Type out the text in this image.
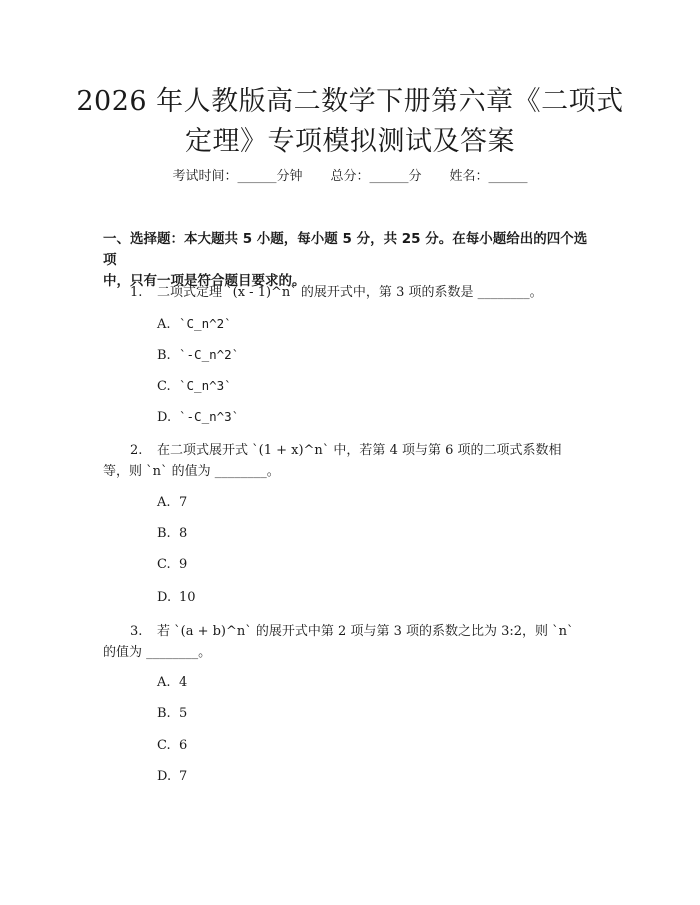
2026 年人教版高二数学下册第六章《二项式
定理》专项模拟测试及答案
考试时间：______分钟 总分：______分 姓名：______
一、选择题：本大题共 5 小题，每小题 5 分，共 25 分。在每小题给出的四个选项
中，只有一项是符合题目要求的。
1. 二项式定理 `(x - 1)^n` 的展开式中，第 3 项的系数是 ________。
A. `C_n^2`
B. `-C_n^2`
C. `C_n^3`
D. `-C_n^3`
2. 在二项式展开式 `(1 + x)^n` 中，若第 4 项与第 6 项的二项式系数相
等，则 `n` 的值为 ________。
A. 7
B. 8
C. 9
D. 10
3. 若 `(a + b)^n` 的展开式中第 2 项与第 3 项的系数之比为 3:2，则 `n`
的值为 ________。
A. 4
B. 5
C. 6
D. 7
